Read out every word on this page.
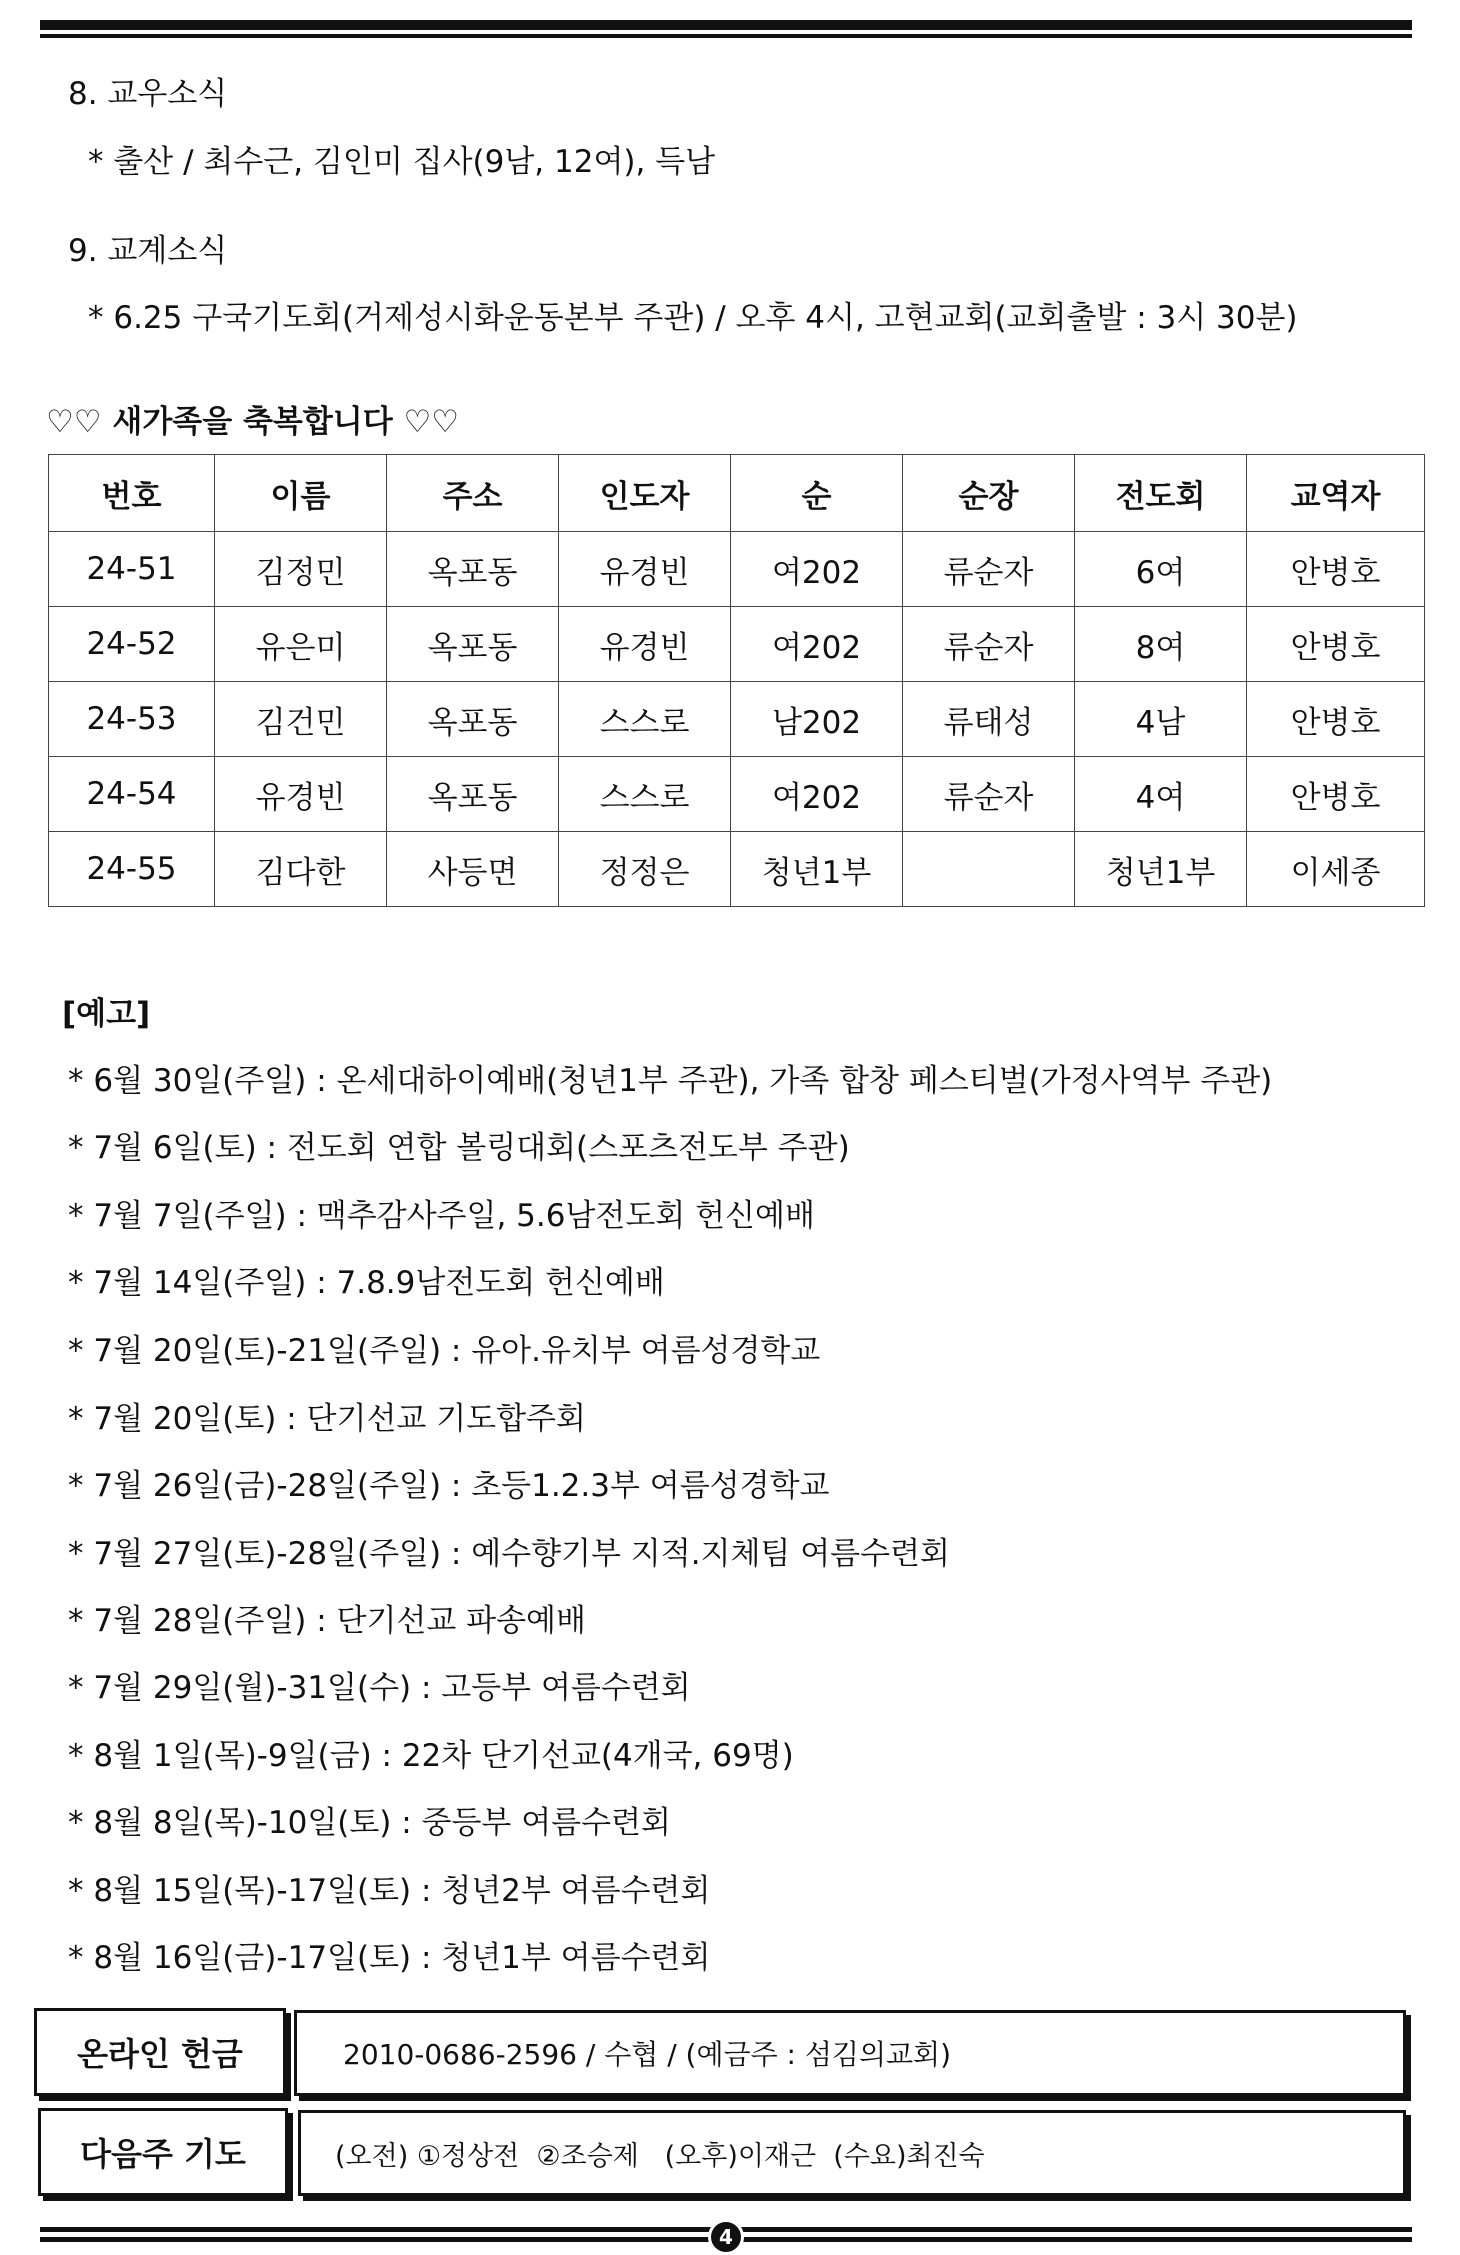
8. 교우소식
* 출산 / 최수근, 김인미 집사(9남, 12여), 득남
9. 교계소식
* 6.25 구국기도회(거제성시화운동본부 주관) / 오후 4시, 고현교회(교회출발 : 3시 30분)
♡♡ 새가족을 축복합니다 ♡♡
번호	이름	주소	인도자	순	순장	전도회	교역자
24-51	김정민	옥포동	유경빈	여202	류순자	6여	안병호
24-52	유은미	옥포동	유경빈	여202	류순자	8여	안병호
24-53	김건민	옥포동	스스로	남202	류태성	4남	안병호
24-54	유경빈	옥포동	스스로	여202	류순자	4여	안병호
24-55	김다한	사등면	정정은	청년1부		청년1부	이세종
[예고]
* 6월 30일(주일) : 온세대하이예배(청년1부 주관), 가족 합창 페스티벌(가정사역부 주관)
* 7월 6일(토) : 전도회 연합 볼링대회(스포츠전도부 주관)
* 7월 7일(주일) : 맥추감사주일, 5.6남전도회 헌신예배
* 7월 14일(주일) : 7.8.9남전도회 헌신예배
* 7월 20일(토)-21일(주일) : 유아.유치부 여름성경학교
* 7월 20일(토) : 단기선교 기도합주회
* 7월 26일(금)-28일(주일) : 초등1.2.3부 여름성경학교
* 7월 27일(토)-28일(주일) : 예수향기부 지적.지체팀 여름수련회
* 7월 28일(주일) : 단기선교 파송예배
* 7월 29일(월)-31일(수) : 고등부 여름수련회
* 8월 1일(목)-9일(금) : 22차 단기선교(4개국, 69명)
* 8월 8일(목)-10일(토) : 중등부 여름수련회
* 8월 15일(목)-17일(토) : 청년2부 여름수련회
* 8월 16일(금)-17일(토) : 청년1부 여름수련회
온라인 헌금	2010-0686-2596 / 수협 / (예금주 : 섬김의교회)
다음주 기도	(오전) ①정상전  ②조승제   (오후)이재근  (수요)최진숙
4
